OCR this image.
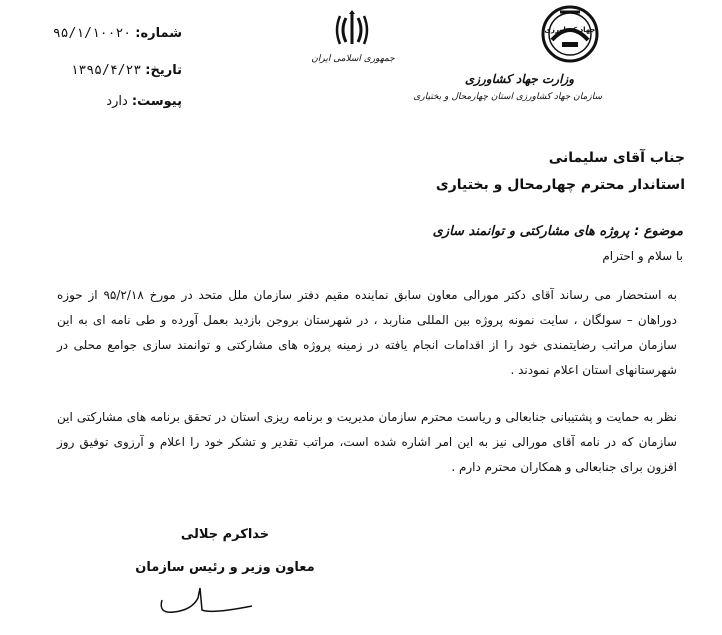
شماره: ۹۵/۱/۱۰۰۲۰
تاریخ: ۱۳۹۵/۴/۲۳
پیوست: دارد
جمهوری اسلامی ایران
جهاد کشاورزی
وزارت جهاد کشاورزی
سازمان جهاد کشاورزی استان چهارمحال و بختیاری
جناب آقای سلیمانی
استاندار محترم چهارمحال و بختیاری
موضوع : پروژه های مشارکتی و توانمند سازی
با سلام و احترام
به استحضار می رساند آقای دکتر مورالی معاون سابق نماینده مقیم دفتر سازمان ملل متحد در مورخ ۹۵/۲/۱۸ از حوزه دوراهان – سولگان ، سایت نمونه پروژه بین المللی مناربد ، در شهرستان بروجن بازدید بعمل آورده و طی نامه ای به این سازمان مراتب رضایتمندی خود را از اقدامات انجام یافته در زمینه پروژه های مشارکتی و توانمند سازی جوامع محلی در شهرستانهای استان اعلام نمودند .
نظر به حمایت و پشتیبانی جنابعالی و ریاست محترم سازمان مدیریت و برنامه ریزی استان در تحقق برنامه های مشارکتی این سازمان که در نامه آقای مورالی نیز به این امر اشاره شده است، مراتب تقدیر و تشکر خود را اعلام و آرزوی توفیق روز افزون برای جنابعالی و همکاران محترم دارم .
خداکرم جلالی
معاون وزیر و رئیس سازمان
